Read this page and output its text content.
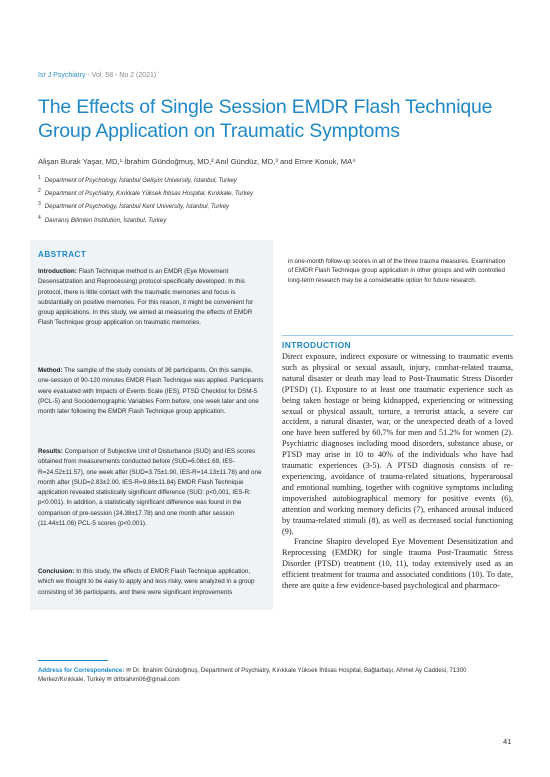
Isr J Psychiatry - Vol. 58 - No 2 (2021)
The Effects of Single Session EMDR Flash Technique Group Application on Traumatic Symptoms
Alişan Burak Yaşar, MD,¹ İbrahim Gündoğmuş, MD,² Anıl Gündüz, MD,³ and Emre Konuk, MA⁴
$^1$ Department of Psychology, İstanbul Gelişim University, İstanbul, Turkey
$^2$ Department of Psychiatry, Kırıkkale Yüksek İhtisas Hospital, Kırıkkale, Turkey
$^3$ Department of Psychology, İstanbul Kent University, İstanbul, Turkey
$^4$ Davranış Bilimleri Institution, İstanbul, Turkey
ABSTRACT
Introduction: Flash Technique method is an EMDR (Eye Movement Desensatization and Reprocessing) protocol specifically developed. In this protocol, there is little contact with the traumatic memories and focus is substantially on positive memories. For this reason, it might be convenient for group applications. In this study, we aimed at measuring the effects of EMDR Flash Technique group application on traumatic memories.
Method: The sample of the study consists of 36 participants. On this sample, one-session of 90-120 minutes EMDR Flash Technique was applied. Participants were evaluated with Impacts of Events Scale (IES), PTSD Checklist for DSM-5 (PCL-5) and Sociodemographic Variables Form before, one week later and one month later following the EMDR Flash Technique group application.
Results: Comparison of Subjective Unit of Disturbance (SUD) and IES scores obtained from measurements conducted before (SUD=6.08±1.69, IES-R=24.52±11.57), one week after (SUD=3.75±1.90, IES-R=14.13±11.78) and one month after (SUD=2.83±2.00, IES-R=9.86±11.84) EMDR Flash Technique application revealed statistically significant difference (SUD: p<0.001, IES-R: p<0.001). In addition, a statistically significant difference was found in the comparison of pre-session (24.38±17.78) and one month after session (11.44±11.06) PCL-5 scores (p<0.001).
Conclusion: In this study, the effects of EMDR Flash Technique application, which we thought to be easy to apply and less risky, were analyzed in a group consisting of 36 participants, and there were significant improvements
in one-month follow-up scores in all of the three trauma measures. Examination of EMDR Flash Technique group application in other groups and with controlled long-term research may be a considerable option for future research.
INTRODUCTION

Direct exposure, indirect exposure or witnessing to traumatic events such as physical or sexual assault, injury, combat-related trauma, natural disaster or death may lead to Post-Traumatic Stress Disorder (PTSD) (1). Exposure to at least one traumatic experience such as being taken hostage or being kidnapped, experiencing or witnessing sexual or physical assault, torture, a terrorist attack, a severe car accident, a natural disaster, war, or the unexpected death of a loved one have been suffered by 60.7% for men and 51.2% for women (2). Psychiatric diagnoses including mood disorders, substance abuse, or PTSD may arise in 10 to 40% of the individuals who have had traumatic experiences (3-5). A PTSD diagnosis consists of re-experiencing, avoidance of trauma-related situations, hyperarousal and emotional numbing, together with cognitive symptoms including impoverished autobiographical memory for positive events (6), attention and working memory deficits (7), enhanced arousal induced by trauma-related stimuli (8), as well as decreased social functioning (9).

Francine Shapiro developed Eye Movement Desensitization and Reprocessing (EMDR) for single trauma Post-Traumatic Stress Disorder (PTSD) treatment (10, 11), today extensively used as an efficient treatment for trauma and associated conditions (10). To date, there are quite a few evidence-based psychological and pharmaco-

Address for Correspondence: ✉ Dr. İbrahim Gündoğmuş, Department of Psychiatry, Kırıkkale Yüksek İhtisas Hospital, Bağlarbaşı, Ahmet Ay Caddesi, 71300 Merkez/Kırıkkale, Turkey ✉ drlbrahim06@gmail.com
41
